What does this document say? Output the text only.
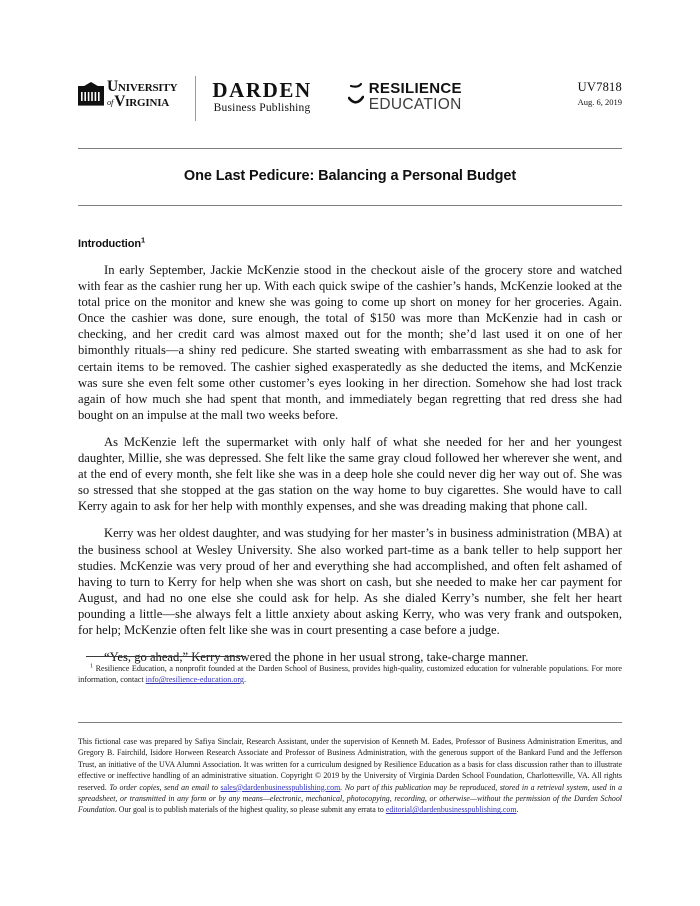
UNIVERSITY
ofVIRGINIA
DARDEN
Business Publishing
RESILIENCE
EDUCATION
UV7818
Aug. 6, 2019
One Last Pedicure: Balancing a Personal Budget
Introduction$^1$

In early September, Jackie McKenzie stood in the checkout aisle of the grocery store and watched with fear as the cashier rung her up. With each quick swipe of the cashier’s hands, McKenzie looked at the total price on the monitor and knew she was going to come up short on money for her groceries. Again. Once the cashier was done, sure enough, the total of $150 was more than McKenzie had in cash or checking, and her credit card was almost maxed out for the month; she’d last used it on one of her bimonthly rituals—a shiny red pedicure. She started sweating with embarrassment as she had to ask for certain items to be removed. The cashier sighed exasperatedly as she deducted the items, and McKenzie was sure she even felt some other customer’s eyes looking in her direction. Somehow she had lost track again of how much she had spent that month, and immediately began regretting that red dress she had bought on an impulse at the mall two weeks before.

As McKenzie left the supermarket with only half of what she needed for her and her youngest daughter, Millie, she was depressed. She felt like the same gray cloud followed her wherever she went, and at the end of every month, she felt like she was in a deep hole she could never dig her way out of. She was so stressed that she stopped at the gas station on the way home to buy cigarettes. She would have to call Kerry again to ask for her help with monthly expenses, and she was dreading making that phone call.

Kerry was her oldest daughter, and was studying for her master’s in business administration (MBA) at the business school at Wesley University. She also worked part-time as a bank teller to help support her studies. McKenzie was very proud of her and everything she had accomplished, and often felt ashamed of having to turn to Kerry for help when she was short on cash, but she needed to make her car payment for August, and had no one else she could ask for help. As she dialed Kerry’s number, she felt her heart pounding a little—she always felt a little anxiety about asking Kerry, who was very frank and outspoken, for help; McKenzie often felt like she was in court presenting a case before a judge.

“Yes, go ahead,” Kerry answered the phone in her usual strong, take-charge manner.

$^1$ Resilience Education, a nonprofit founded at the Darden School of Business, provides high-quality, customized education for vulnerable populations. For more information, contact info@resilience-education.org.
This fictional case was prepared by Safiya Sinclair, Research Assistant, under the supervision of Kenneth M. Eades, Professor of Business Administration Emeritus, and Gregory B. Fairchild, Isidore Horween Research Associate and Professor of Business Administration, with the generous support of the Bankard Fund and the Jefferson Trust, an initiative of the UVA Alumni Association. It was written for a curriculum designed by Resilience Education as a basis for class discussion rather than to illustrate effective or ineffective handling of an administrative situation. Copyright © 2019 by the University of Virginia Darden School Foundation, Charlottesville, VA. All rights reserved. To order copies, send an email to sales@dardenbusinesspublishing.com. No part of this publication may be reproduced, stored in a retrieval system, used in a spreadsheet, or transmitted in any form or by any means—electronic, mechanical, photocopying, recording, or otherwise—without the permission of the Darden School Foundation. Our goal is to publish materials of the highest quality, so please submit any errata to editorial@dardenbusinesspublishing.com.
